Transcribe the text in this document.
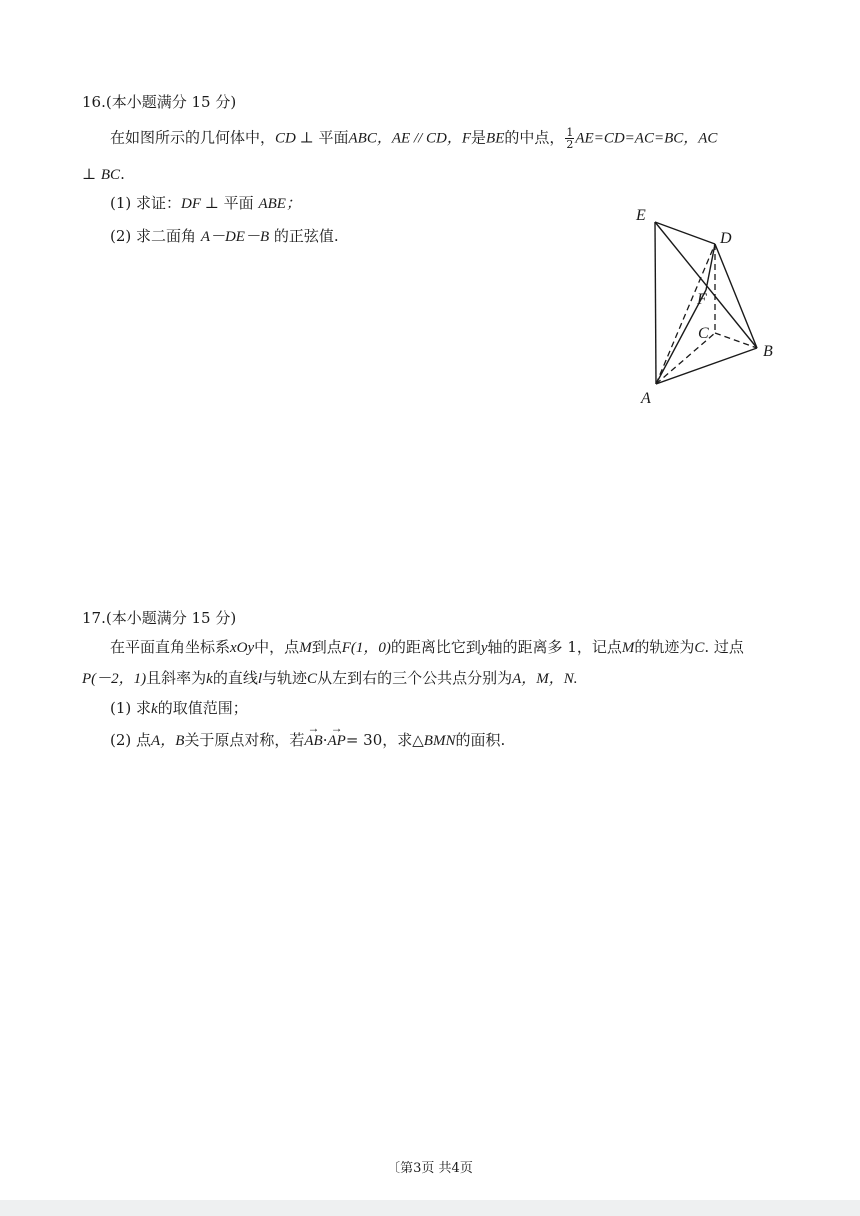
16.(本小题满分 15 分)
在如图所示的几何体中，CD ⊥ 平面ABC，AE // CD，F是BE的中点， $\frac{1}{2} AE=CD=AC=BC$，AC
⊥ BC.
(1) 求证：DF ⊥ 平面 ABE；
(2) 求二面角 A－DE－B 的正弦值.
E
D
F
C
B
A
17.(本小题满分 15 分)
在平面直角坐标系xOy中，点M到点F(1，0)的距离比它到y轴的距离多 1，记点M的轨迹为C. 过点
P(－2，1)且斜率为k的直线l与轨迹C从左到右的三个公共点分别为A，M，N.
(1) 求k的取值范围；
(2) 点A，B关于原点对称，若→ AB·→ AP= 30，求△BMN的面积.
〔第3页 共4页
